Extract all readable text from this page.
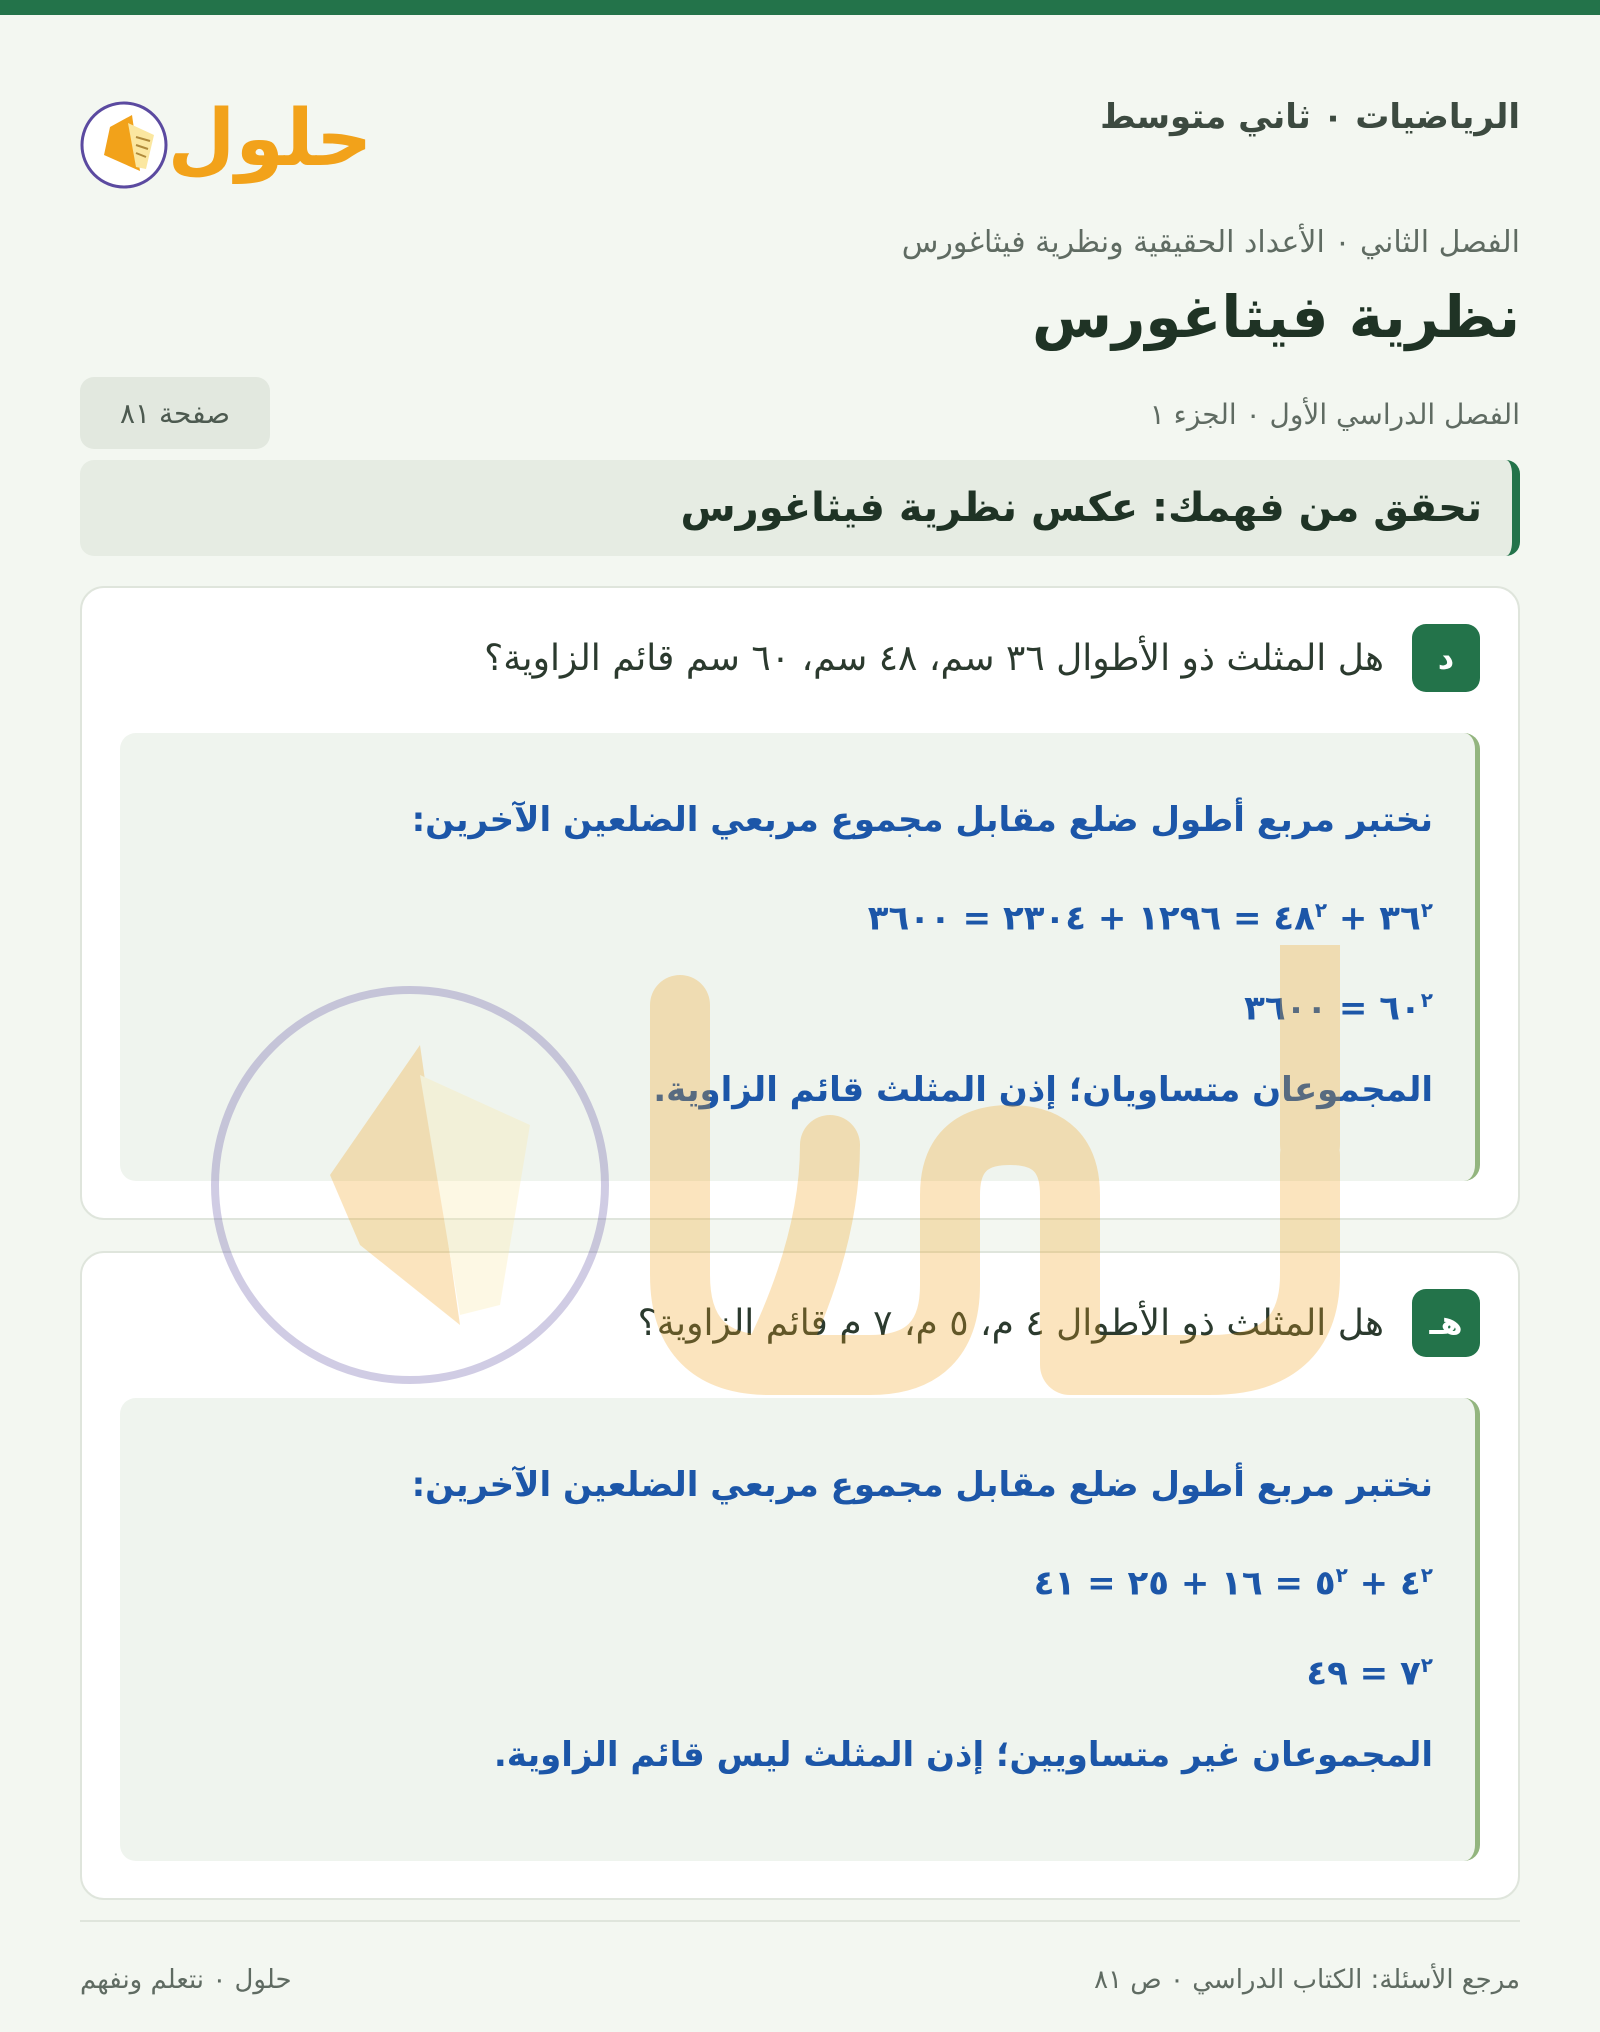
الرياضيات ٠ ثاني متوسط
حلول
الفصل الثاني ٠ الأعداد الحقيقية ونظرية فيثاغورس
نظرية فيثاغورس
الفصل الدراسي الأول ٠ الجزء ١
صفحة ٨١
تحقق من فهمك: عكس نظرية فيثاغورس
د
هل المثلث ذو الأطوال ٣٦ سم، ٤٨ سم، ٦٠ سم قائم الزاوية؟
نختبر مربع أطول ضلع مقابل مجموع مربعي الضلعين الآخرين:
$٣٦^٢$ + $٤٨^٢$ = ١٢٩٦ + ٢٣٠٤ = ٣٦٠٠
$٦٠^٢$ = ٣٦٠٠
المجموعان متساويان؛ إذن المثلث قائم الزاوية.
هـ
هل المثلث ذو الأطوال ٤ م، ٥ م، ٧ م قائم الزاوية؟
نختبر مربع أطول ضلع مقابل مجموع مربعي الضلعين الآخرين:
$٤^٢$ + $٥^٢$ = ١٦ + ٢٥ = ٤١
$٧^٢$ = ٤٩
المجموعان غير متساويين؛ إذن المثلث ليس قائم الزاوية.
مرجع الأسئلة: الكتاب الدراسي ٠ ص ٨١
حلول ٠ نتعلم ونفهم
